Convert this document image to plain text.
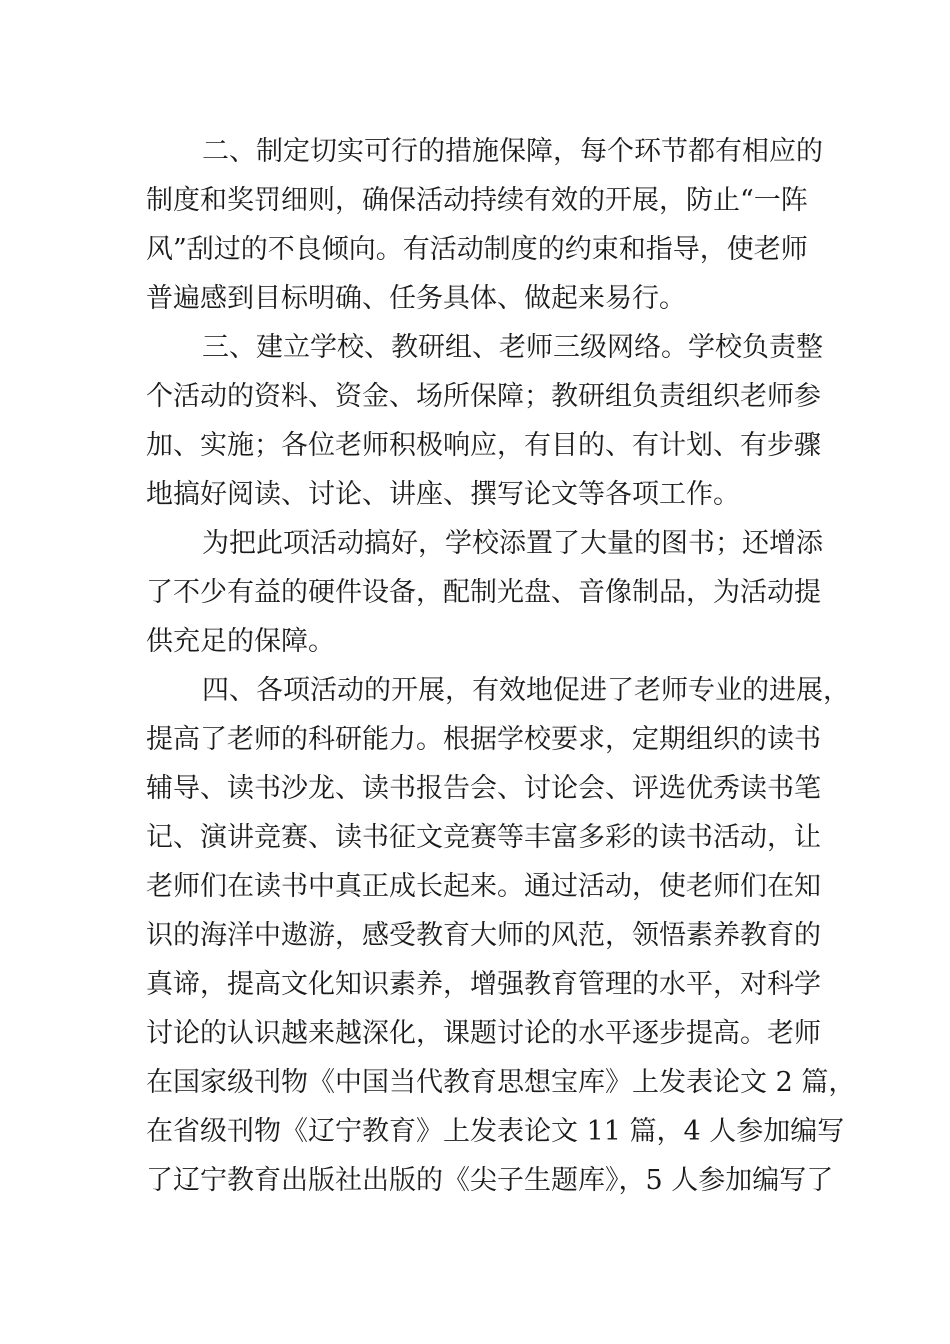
二、制定切实可行的措施保障，每个环节都有相应的
制度和奖罚细则，确保活动持续有效的开展，防止“一阵
风”刮过的不良倾向。有活动制度的约束和指导，使老师
普遍感到目标明确、任务具体、做起来易行。
三、建立学校、教研组、老师三级网络。学校负责整
个活动的资料、资金、场所保障；教研组负责组织老师参
加、实施；各位老师积极响应，有目的、有计划、有步骤
地搞好阅读、讨论、讲座、撰写论文等各项工作。
为把此项活动搞好，学校添置了大量的图书；还增添
了不少有益的硬件设备，配制光盘、音像制品，为活动提
供充足的保障。
四、各项活动的开展，有效地促进了老师专业的进展，
提高了老师的科研能力。根据学校要求，定期组织的读书
辅导、读书沙龙、读书报告会、讨论会、评选优秀读书笔
记、演讲竞赛、读书征文竞赛等丰富多彩的读书活动，让
老师们在读书中真正成长起来。通过活动，使老师们在知
识的海洋中遨游，感受教育大师的风范，领悟素养教育的
真谛，提高文化知识素养，增强教育管理的水平，对科学
讨论的认识越来越深化，课题讨论的水平逐步提高。老师
在国家级刊物《中国当代教育思想宝库》上发表论文 2 篇，
在省级刊物《辽宁教育》上发表论文 11 篇，4 人参加编写
了辽宁教育出版社出版的《尖子生题库》，5 人参加编写了
